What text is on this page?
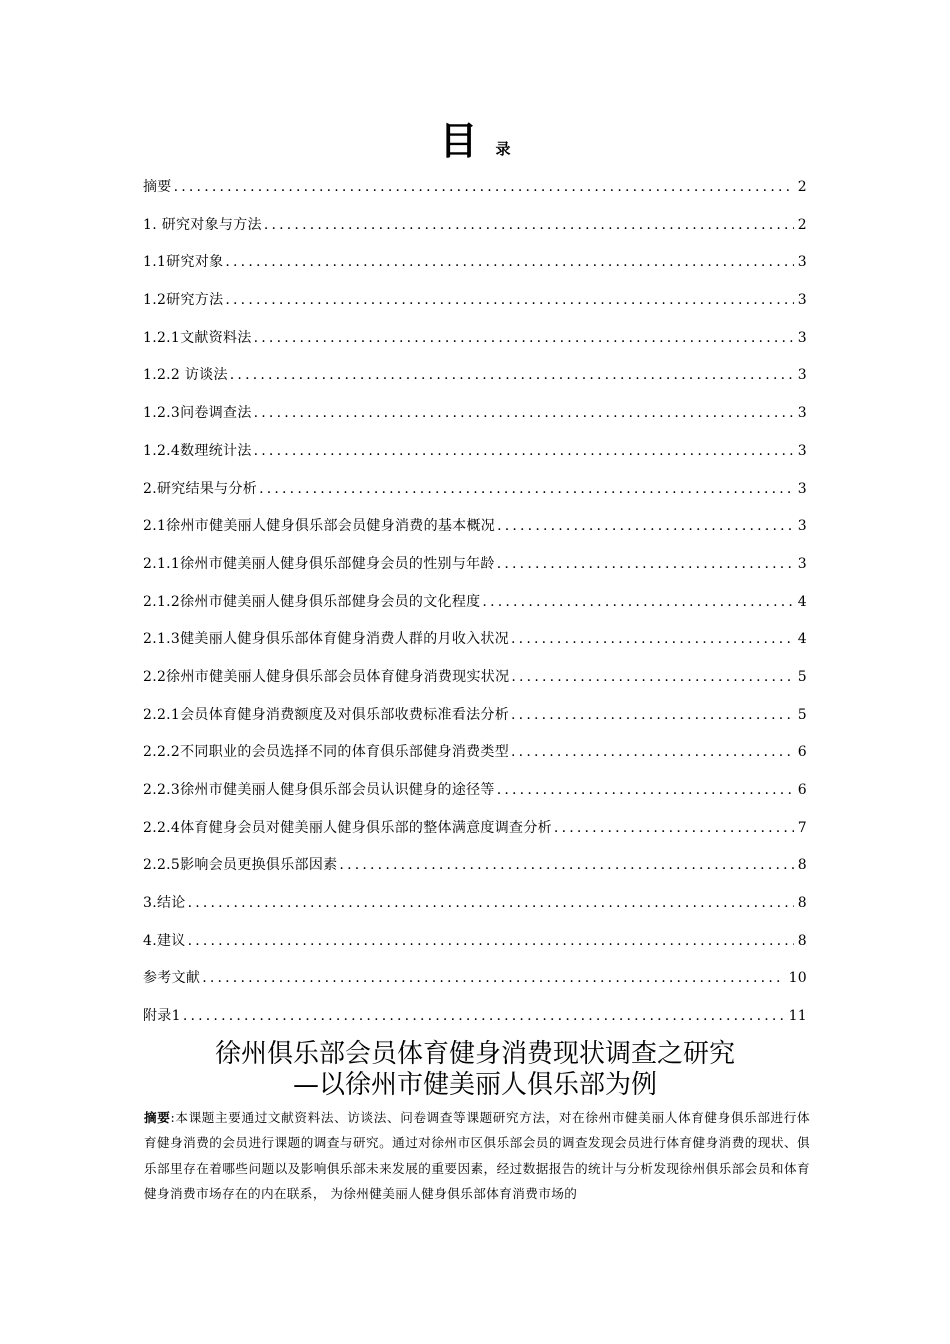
目 录
摘要 .....	2
1. 研究对象与方法 .....	2
1.1研究对象 .....	3
1.2研究方法 .....	3
1.2.1文献资料法 .....	3
1.2.2 访谈法 .....	3
1.2.3问卷调查法 .....	3
1.2.4数理统计法 .....	3
2.研究结果与分析 .....	3
2.1徐州市健美丽人健身俱乐部会员健身消费的基本概况 .....	3
2.1.1徐州市健美丽人健身俱乐部健身会员的性别与年龄 .....	3
2.1.2徐州市健美丽人健身俱乐部健身会员的文化程度 .....	4
2.1.3健美丽人健身俱乐部体育健身消费人群的月收入状况 .....	4
2.2徐州市健美丽人健身俱乐部会员体育健身消费现实状况 .....	5
2.2.1会员体育健身消费额度及对俱乐部收费标准看法分析 .....	5
2.2.2不同职业的会员选择不同的体育俱乐部健身消费类型 .....	6
2.2.3徐州市健美丽人健身俱乐部会员认识健身的途径等 .....	6
2.2.4体育健身会员对健美丽人健身俱乐部的整体满意度调查分析 .....	7
2.2.5影响会员更换俱乐部因素 .....	8
3.结论 .....	8
4.建议 .....	8
参考文献 .....	10
附录1 .....	11
徐州俱乐部会员体育健身消费现状调查之研究
—以徐州市健美丽人俱乐部为例
摘要:本课题主要通过文献资料法、访谈法、问卷调查等课题研究方法，对在徐州市健美丽人体育健身俱乐部进行体育健身消费的会员进行课题的调查与研究。通过对徐州市区俱乐部会员的调查发现会员进行体育健身消费的现状、俱乐部里存在着哪些问题以及影响俱乐部未来发展的重要因素，经过数据报告的统计与分析发现徐州俱乐部会员和体育健身消费市场存在的内在联系， 为徐州健美丽人健身俱乐部体育消费市场的
